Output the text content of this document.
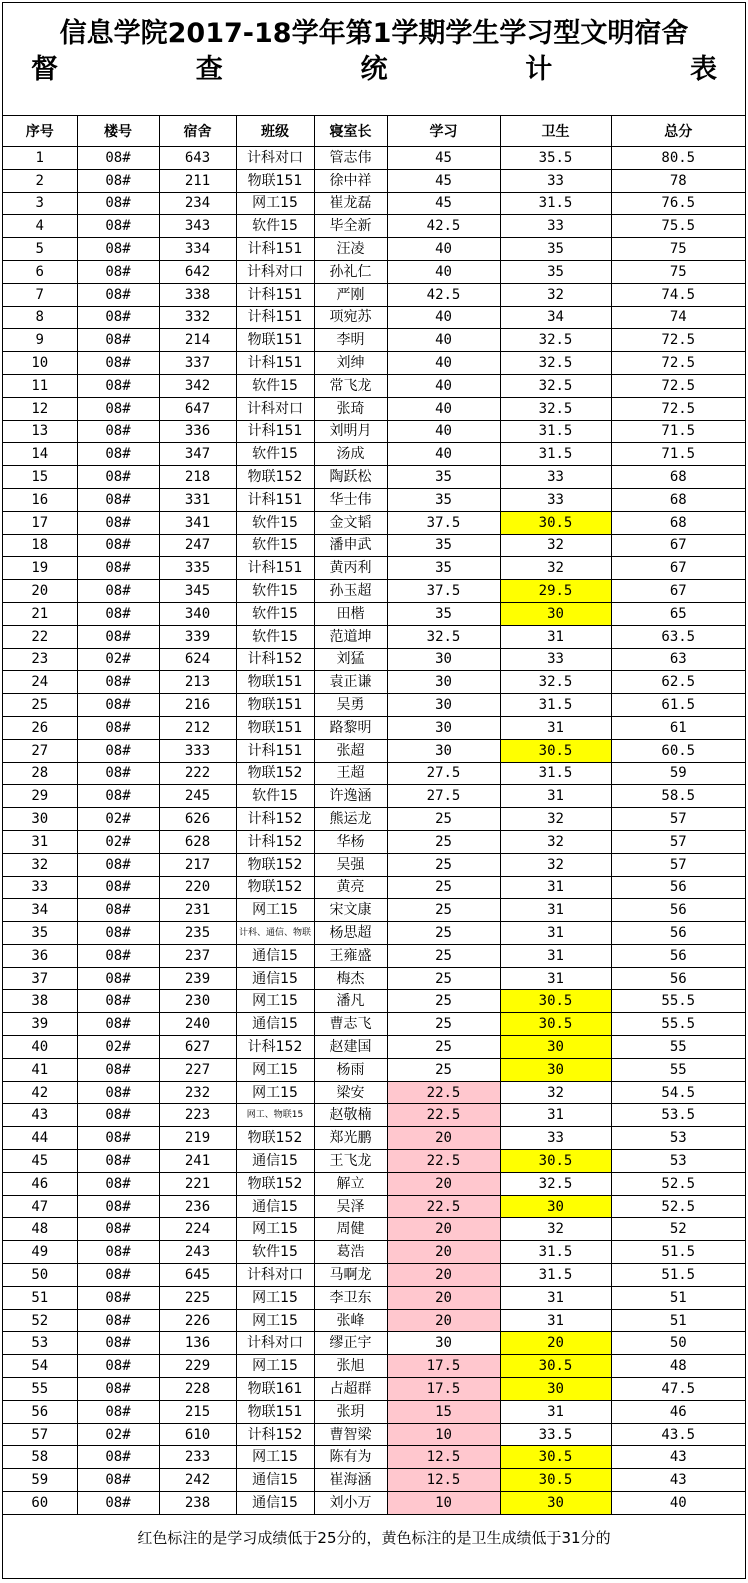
信息学院2017-18学年第1学期学生学习型文明宿舍
督	查	统	计	表
序号	楼号	宿舍	班级	寝室长	学习	卫生	总分
1	08#	643	计科对口	管志伟	45	35.5	80.5
2	08#	211	物联151	徐中祥	45	33	78
3	08#	234	网工15	崔龙磊	45	31.5	76.5
4	08#	343	软件15	毕全新	42.5	33	75.5
5	08#	334	计科151	汪凌	40	35	75
6	08#	642	计科对口	孙礼仁	40	35	75
7	08#	338	计科151	严刚	42.5	32	74.5
8	08#	332	计科151	项宛苏	40	34	74
9	08#	214	物联151	李明	40	32.5	72.5
10	08#	337	计科151	刘绅	40	32.5	72.5
11	08#	342	软件15	常飞龙	40	32.5	72.5
12	08#	647	计科对口	张琦	40	32.5	72.5
13	08#	336	计科151	刘明月	40	31.5	71.5
14	08#	347	软件15	汤成	40	31.5	71.5
15	08#	218	物联152	陶跃松	35	33	68
16	08#	331	计科151	华士伟	35	33	68
17	08#	341	软件15	金文韬	37.5	30.5	68
18	08#	247	软件15	潘申武	35	32	67
19	08#	335	计科151	黄丙利	35	32	67
20	08#	345	软件15	孙玉超	37.5	29.5	67
21	08#	340	软件15	田楷	35	30	65
22	08#	339	软件15	范道坤	32.5	31	63.5
23	02#	624	计科152	刘猛	30	33	63
24	08#	213	物联151	袁正谦	30	32.5	62.5
25	08#	216	物联151	吴勇	30	31.5	61.5
26	08#	212	物联151	路黎明	30	31	61
27	08#	333	计科151	张超	30	30.5	60.5
28	08#	222	物联152	王超	27.5	31.5	59
29	08#	245	软件15	许逸涵	27.5	31	58.5
30	02#	626	计科152	熊运龙	25	32	57
31	02#	628	计科152	华杨	25	32	57
32	08#	217	物联152	吴强	25	32	57
33	08#	220	物联152	黄亮	25	31	56
34	08#	231	网工15	宋文康	25	31	56
35	08#	235	计科、通信、物联	杨思超	25	31	56
36	08#	237	通信15	王雍盛	25	31	56
37	08#	239	通信15	梅杰	25	31	56
38	08#	230	网工15	潘凡	25	30.5	55.5
39	08#	240	通信15	曹志飞	25	30.5	55.5
40	02#	627	计科152	赵建国	25	30	55
41	08#	227	网工15	杨雨	25	30	55
42	08#	232	网工15	梁安	22.5	32	54.5
43	08#	223	网工、物联15	赵敬楠	22.5	31	53.5
44	08#	219	物联152	郑光鹏	20	33	53
45	08#	241	通信15	王飞龙	22.5	30.5	53
46	08#	221	物联152	解立	20	32.5	52.5
47	08#	236	通信15	吴泽	22.5	30	52.5
48	08#	224	网工15	周健	20	32	52
49	08#	243	软件15	葛浩	20	31.5	51.5
50	08#	645	计科对口	马啊龙	20	31.5	51.5
51	08#	225	网工15	李卫东	20	31	51
52	08#	226	网工15	张峰	20	31	51
53	08#	136	计科对口	缪正宇	30	20	50
54	08#	229	网工15	张旭	17.5	30.5	48
55	08#	228	物联161	占超群	17.5	30	47.5
56	08#	215	物联151	张玥	15	31	46
57	02#	610	计科152	曹智梁	10	33.5	43.5
58	08#	233	网工15	陈有为	12.5	30.5	43
59	08#	242	通信15	崔海涵	12.5	30.5	43
60	08#	238	通信15	刘小万	10	30	40
红色标注的是学习成绩低于25分的，黄色标注的是卫生成绩低于31分的
